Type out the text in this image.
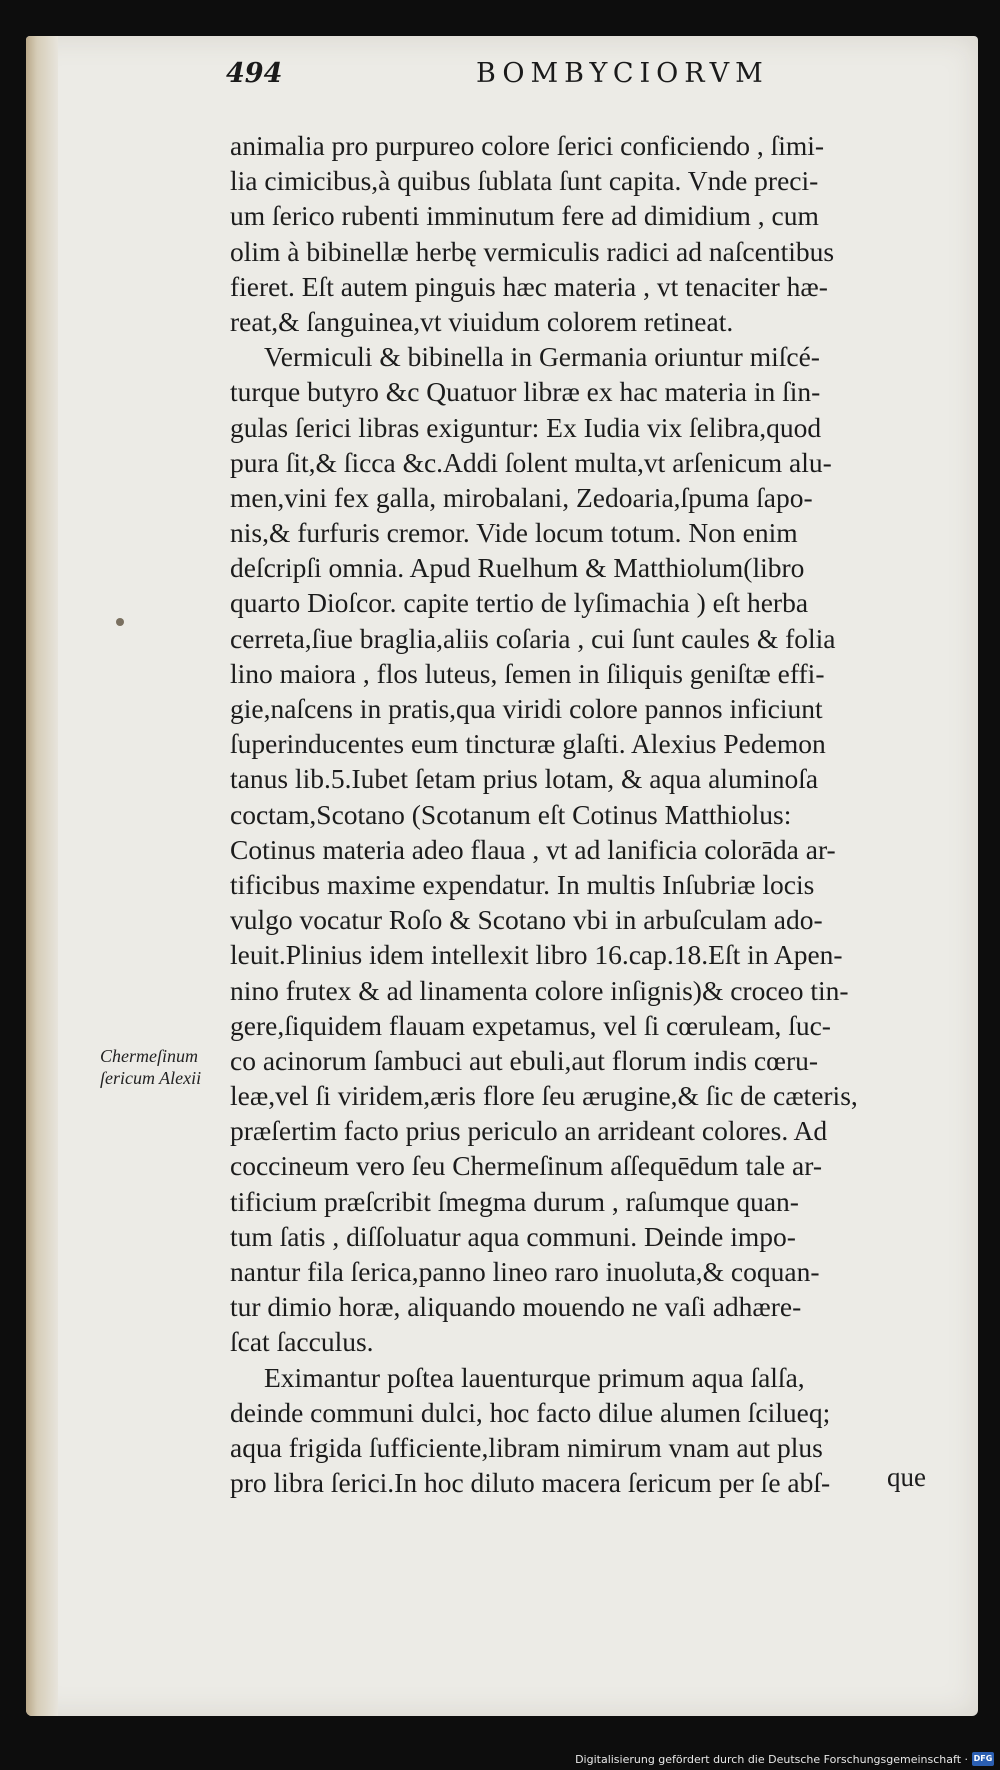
494	BOMBYCIORVM
animalia pro purpureo colore ſerici conficiendo , ſimi-
lia cimicibus,à quibus ſublata ſunt capita. Vnde preci-
um ſerico rubenti imminutum fere ad dimidium , cum
olim à bibinellæ herbę vermiculis radici ad naſcentibus
fieret. Eſt autem pinguis hæc materia , vt tenaciter hæ-
reat,& ſanguinea,vt viuidum colorem retineat.
Vermiculi & bibinella in Germania oriuntur miſcé-
turque butyro &c Quatuor libræ ex hac materia in ſin-
gulas ſerici libras exiguntur: Ex Iudia vix ſelibra,quod
pura ſit,& ſicca &c.Addi ſolent multa,vt arſenicum alu-
men,vini fex galla, mirobalani, Zedoaria,ſpuma ſapo-
nis,& furfuris cremor. Vide locum totum. Non enim
deſcripſi omnia. Apud Ruelhum & Matthiolum(libro
quarto Dioſcor. capite tertio de lyſimachia ) eſt herba
cerreta,ſiue braglia,aliis coſaria , cui ſunt caules & folia
lino maiora , flos luteus, ſemen in ſiliquis geniſtæ effi-
gie,naſcens in pratis,qua viridi colore pannos inficiunt
ſuperinducentes eum tincturæ glaſti. Alexius Pedemon
tanus lib.5.Iubet ſetam prius lotam, & aqua aluminoſa
coctam,Scotano (Scotanum eſt Cotinus Matthiolus:
Cotinus materia adeo flaua , vt ad lanificia colorāda ar-
tificibus maxime expendatur. In multis Inſubriæ locis
vulgo vocatur Roſo & Scotano vbi in arbuſculam ado-
leuit.Plinius idem intellexit libro 16.cap.18.Eſt in Apen-
nino frutex & ad linamenta colore inſignis)& croceo tin-
gere,ſiquidem flauam expetamus, vel ſi cœruleam, ſuc-
co acinorum ſambuci aut ebuli,aut florum indis cœru-
leæ,vel ſi viridem,æris flore ſeu ærugine,& ſic de cæteris,
præſertim facto prius periculo an arrideant colores. Ad
coccineum vero ſeu Chermeſinum aſſequēdum tale ar-
tificium præſcribit ſmegma durum , raſumque quan-
tum ſatis , diſſoluatur aqua communi. Deinde impo-
nantur fila ſerica,panno lineo raro inuoluta,& coquan-
tur dimio horæ, aliquando mouendo ne vaſi adhære-
ſcat ſacculus.
Eximantur poſtea lauenturque primum aqua ſalſa,
deinde communi dulci, hoc facto dilue alumen ſcilueq;
aqua frigida ſufficiente,libram nimirum vnam aut plus
pro libra ſerici.In hoc diluto macera ſericum per ſe abſ-	que
Chermeſinum
ſericum Alexii
Digitalisierung gefördert durch die Deutsche Forschungsgemeinschaft · DFG
